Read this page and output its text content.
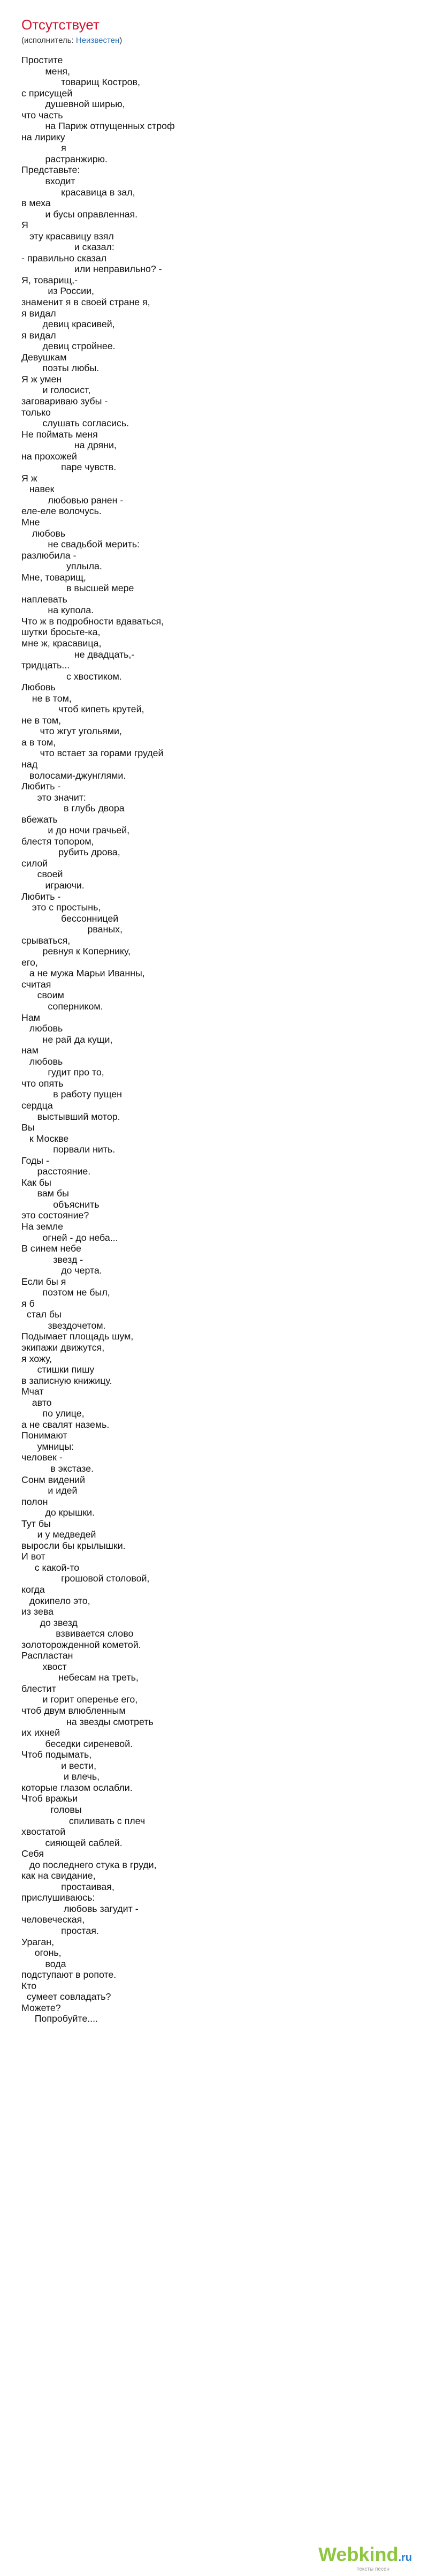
Отсутствует
(исполнитель: Неизвестен)
Простите
меня,
товарищ Костров,
с присущей
душевной ширью,
что часть
на Париж отпущенных строф
на лирику
я
растранжирю.
Представьте:
входит
красавица в зал,
в меха
и бусы оправленная.
Я
эту красавицу взял
и сказал:
- правильно сказал
или неправильно? -
Я, товарищ,-
из России,
знаменит я в своей стране я,
я видал
девиц красивей,
я видал
девиц стройнее.
Девушкам
поэты любы.
Я ж умен
и голосист,
заговариваю зубы -
только
слушать согласись.
Не поймать меня
на дряни,
на прохожей
паре чувств.
Я ж
навек
любовью ранен -
еле-еле волочусь.
Мне
любовь
не свадьбой мерить:
разлюбила -
уплыла.
Мне, товарищ,
в высшей мере
наплевать
на купола.
Что ж в подробности вдаваться,
шутки бросьте-ка,
мне ж, красавица,
не двадцать,-
тридцать...
с хвостиком.
Любовь
не в том,
чтоб кипеть крутей,
не в том,
что жгут угольями,
а в том,
что встает за горами грудей
над
волосами-джунглями.
Любить -
это значит:
в глубь двора
вбежать
и до ночи грачьей,
блестя топором,
рубить дрова,
силой
своей
играючи.
Любить -
это с простынь,
бессонницей
рваных,
срываться,
ревнуя к Копернику,
его,
а не мужа Марьи Иванны,
считая
своим
соперником.
Нам
любовь
не рай да кущи,
нам
любовь
гудит про то,
что опять
в работу пущен
сердца
выстывший мотор.
Вы
к Москве
порвали нить.
Годы -
расстояние.
Как бы
вам бы
объяснить
это состояние?
На земле
огней - до неба...
В синем небе
звезд -
до черта.
Если бы я
поэтом не был,
я б
стал бы
звездочетом.
Подымает площадь шум,
экипажи движутся,
я хожу,
стишки пишу
в записную книжицу.
Мчат
авто
по улице,
а не свалят наземь.
Понимают
умницы:
человек -
в экстазе.
Сонм видений
и идей
полон
до крышки.
Тут бы
и у медведей
выросли бы крылышки.
И вот
с какой-то
грошовой столовой,
когда
докипело это,
из зева
до звезд
взвивается слово
золоторожденной кометой.
Распластан
хвост
небесам на треть,
блестит
и горит оперенье его,
чтоб двум влюбленным
на звезды смотреть
их ихней
беседки сиреневой.
Чтоб подымать,
и вести,
и влечь,
которые глазом ослабли.
Чтоб вражьи
головы
спиливать с плеч
хвостатой
сияющей саблей.
Себя
до последнего стука в груди,
как на свидание,
простаивая,
прислушиваюсь:
любовь загудит -
человеческая,
простая.
Ураган,
огонь,
вода
подступают в ропоте.
Кто
сумеет совладать?
Можете?
Попробуйте....
Webkind.ru
тексты песен
